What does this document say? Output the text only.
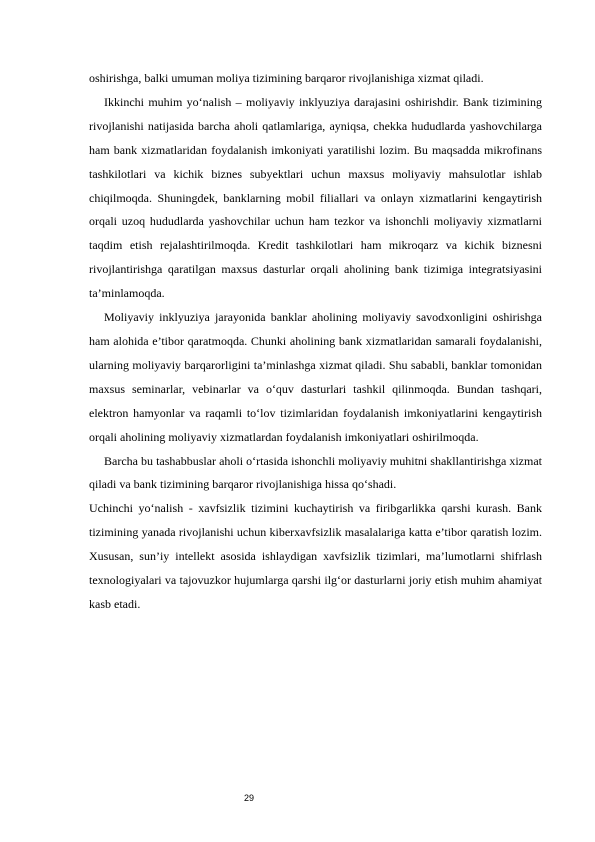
oshirishga, balki umuman moliya tizimining barqaror rivojlanishiga xizmat qiladi.

Ikkinchi muhim yo‘nalish – moliyaviy inklyuziya darajasini oshirishdir. Bank tizimining rivojlanishi natijasida barcha aholi qatlamlariga, ayniqsa, chekka hududlarda yashovchilarga ham bank xizmatlaridan foydalanish imkoniyati yaratilishi lozim. Bu maqsadda mikrofinans tashkilotlari va kichik biznes subyektlari uchun maxsus moliyaviy mahsulotlar ishlab chiqilmoqda. Shuningdek, banklarning mobil filiallari va onlayn xizmatlarini kengaytirish orqali uzoq hududlarda yashovchilar uchun ham tezkor va ishonchli moliyaviy xizmatlarni taqdim etish rejalashtirilmoqda. Kredit tashkilotlari ham mikroqarz va kichik biznesni rivojlantirishga qaratilgan maxsus dasturlar orqali aholining bank tizimiga integratsiyasini ta’minlamoqda.

Moliyaviy inklyuziya jarayonida banklar aholining moliyaviy savodxonligini oshirishga ham alohida e’tibor qaratmoqda. Chunki aholining bank xizmatlaridan samarali foydalanishi, ularning moliyaviy barqarorligini ta’minlashga xizmat qiladi. Shu sababli, banklar tomonidan maxsus seminarlar, vebinarlar va o‘quv dasturlari tashkil qilinmoqda. Bundan tashqari, elektron hamyonlar va raqamli to‘lov tizimlaridan foydalanish imkoniyatlarini kengaytirish orqali aholining moliyaviy xizmatlardan foydalanish imkoniyatlari oshirilmoqda.

Barcha bu tashabbuslar aholi o‘rtasida ishonchli moliyaviy muhitni shakllantirishga xizmat qiladi va bank tizimining barqaror rivojlanishiga hissa qo‘shadi.

Uchinchi yo‘nalish - xavfsizlik tizimini kuchaytirish va firibgarlikka qarshi kurash. Bank tizimining yanada rivojlanishi uchun kiberxavfsizlik masalalariga katta e’tibor qaratish lozim. Xususan, sun’iy intellekt asosida ishlaydigan xavfsizlik tizimlari, ma’lumotlarni shifrlash texnologiyalari va tajovuzkor hujumlarga qarshi ilg‘or dasturlarni joriy etish muhim ahamiyat kasb etadi.

29
